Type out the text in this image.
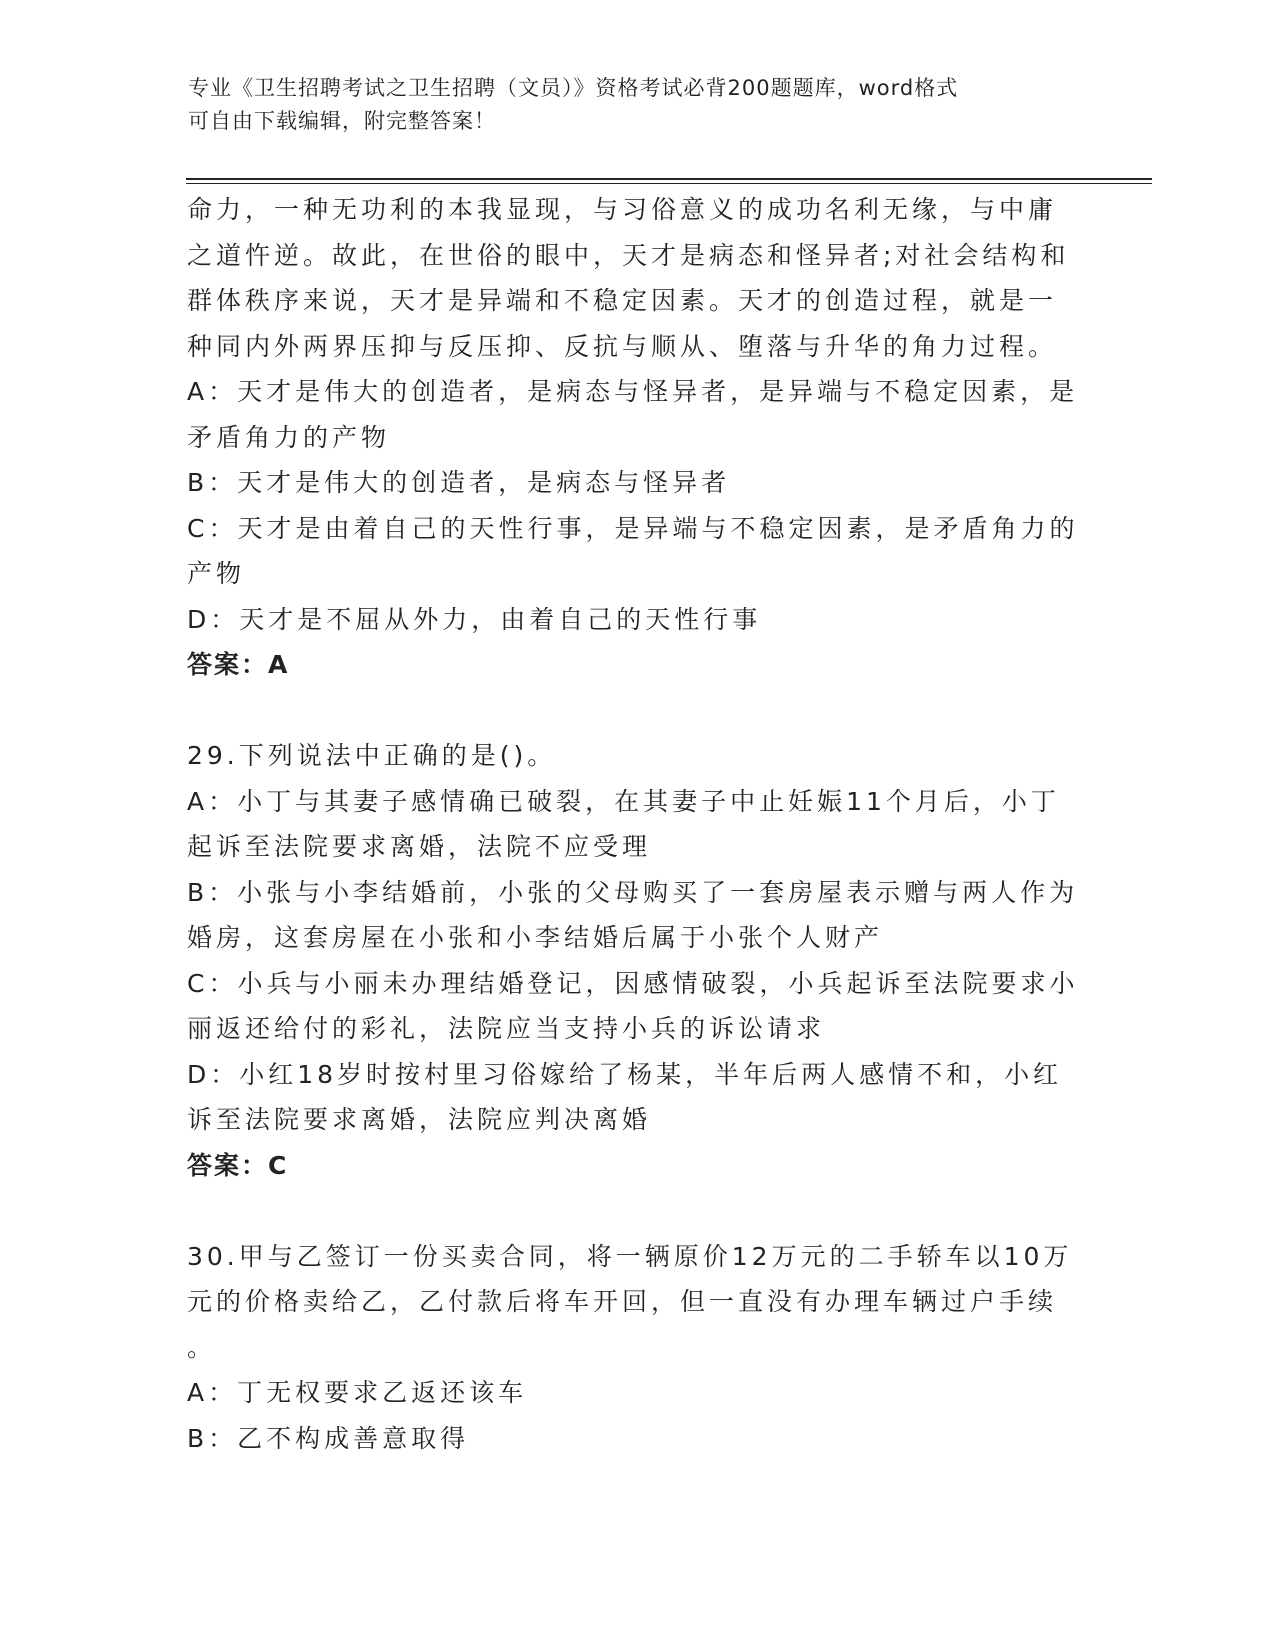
专业《卫生招聘考试之卫生招聘（文员）》资格考试必背200题题库，word格式
可自由下载编辑，附完整答案！
命力，一种无功利的本我显现，与习俗意义的成功名利无缘，与中庸
之道忤逆。故此，在世俗的眼中，天才是病态和怪异者;对社会结构和
群体秩序来说，天才是异端和不稳定因素。天才的创造过程，就是一
种同内外两界压抑与反压抑、反抗与顺从、堕落与升华的角力过程。
A：天才是伟大的创造者，是病态与怪异者，是异端与不稳定因素，是
矛盾角力的产物
B：天才是伟大的创造者，是病态与怪异者
C：天才是由着自己的天性行事，是异端与不稳定因素，是矛盾角力的
产物
D：天才是不屈从外力，由着自己的天性行事
答案：A
29.下列说法中正确的是()。
A：小丁与其妻子感情确已破裂，在其妻子中止妊娠11个月后，小丁
起诉至法院要求离婚，法院不应受理
B：小张与小李结婚前，小张的父母购买了一套房屋表示赠与两人作为
婚房，这套房屋在小张和小李结婚后属于小张个人财产
C：小兵与小丽未办理结婚登记，因感情破裂，小兵起诉至法院要求小
丽返还给付的彩礼，法院应当支持小兵的诉讼请求
D：小红18岁时按村里习俗嫁给了杨某，半年后两人感情不和，小红
诉至法院要求离婚，法院应判决离婚
答案：C
30.甲与乙签订一份买卖合同，将一辆原价12万元的二手轿车以10万
元的价格卖给乙，乙付款后将车开回，但一直没有办理车辆过户手续
。
A：丁无权要求乙返还该车
B：乙不构成善意取得
